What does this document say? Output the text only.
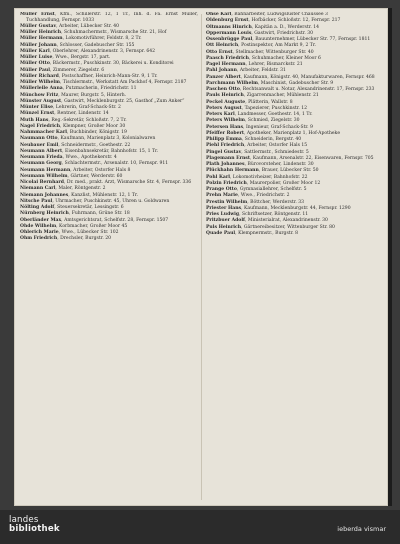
Müller Ernst, Kfm., Schillerstr. 12, 1 Tr., Inh. d. Fa. Ernst Müller, Tuchhandlung, Fernspr. 1033
Müller Gustav, Arbeiter, Lübecker Str. 40
Müller Heinrich, Schuhmachermstr., Wismarsche Str. 21, Hof
Müller Hermann, Lokomotivführer, Feldstr. 8, 2 Tr.
Müller Johann, Schlosser, Gadebuscher Str. 155
Müller Karl, Oberlehrer, Alexandrinenstr. 3, Fernspr. 642
Müller Luise, Wwe., Bergstr. 17, part.
Müller Otto, Bäckermstr., Puschkinstr. 30, Bäckerei u. Konditorei
Müller Paul, Zimmerer, Ziegelstr. 6
Müller Richard, Postschaffner, Heinrich-Mann-Str. 9, 1 Tr.
Müller Wilhelm, Tischlermstr., Werkstatt Am Packhof 4, Fernspr. 2187
Müllerleile Anna, Putzmacherin, Friedrichstr. 11
Münchow Fritz, Maurer, Burgstr. 5, Hinterh.
Münster August, Gastwirt, Mecklenburgstr. 25, Gasthof „Zum Anker“
Münter Elise, Lehrerin, Graf-Schack-Str. 2
Münzel Ernst, Rentner, Lindenstr. 14
Muth Hans, Reg.-Sekretär, Schloßstr. 7, 2 Tr.
Nagel Friedrich, Klempner, Großer Moor 30
Nahmmacher Karl, Buchbinder, Königstr. 19
Naumann Otto, Kaufmann, Marienplatz 3, Kolonialwaren
Neubauer Emil, Schneidermstr., Goethestr. 22
Neumann Albert, Eisenbahnsekretär, Bahnhofstr. 15, 1 Tr.
Neumann Frieda, Wwe., Apothekerstr. 4
Neumann Georg, Schlachtermstr., Arsenalstr. 10, Fernspr. 911
Neumann Hermann, Arbeiter, Ostorfer Hals 8
Neumann Wilhelm, Gärtner, Werderstr. 60
Nicolai Bernhard, Dr. med., prakt. Arzt, Wismarsche Str. 4, Fernspr. 336
Niemann Carl, Maler, Röntgenstr. 2
Niemann Johannes, Kanzlist, Mühlenstr. 12, 1 Tr.
Nitsche Paul, Uhrmacher, Puschkinstr. 45, Uhren u. Goldwaren
Nölting Adolf, Steuersekretär, Lessingstr. 6
Nürnberg Heinrich, Fuhrmann, Grüne Str. 18
Oberländer Max, Amtsgerichtsrat, Schelfstr. 28, Fernspr. 1507
Ohde Wilhelm, Korbmacher, Großer Moor 45
Ohlerich Marie, Wwe., Lübecker Str. 102
Ohm Friedrich, Drechsler, Burgstr. 20
Ohse Karl, Bahnarbeiter, Ludwigsluster Chaussee 3
Oldenburg Ernst, Hofbäcker, Schloßstr. 12, Fernspr. 217
Oltmanns Hinrich, Kapitän a. D., Werderstr. 14
Oppermann Louis, Gastwirt, Friedrichstr. 30
Ossenbrügge Paul, Bauunternehmer, Lübecker Str. 77, Fernspr. 1811
Ott Heinrich, Postinspektor, Am Markt 9, 2 Tr.
Otto Ernst, Stellmacher, Wittenburger Str. 40
Paasch Friedrich, Schuhmacher, Kleiner Moor 6
Pagel Hermann, Lehrer, Bismarckstr. 21
Pahl Johann, Arbeiter, Feldstr. 31
Panzer Albert, Kaufmann, Königstr. 40, Manufakturwaren, Fernspr. 468
Parchmann Wilhelm, Maschinist, Gadebuscher Str. 9
Paschen Otto, Rechtsanwalt u. Notar, Alexandrinenstr. 17, Fernspr. 233
Pauls Heinrich, Zigarrenmacher, Mühlenstr. 21
Peckel Auguste, Plätterin, Wallstr. 8
Peters August, Tapezierer, Puschkinstr. 12
Peters Karl, Landmesser, Goethestr. 14, 1 Tr.
Peters Wilhelm, Schmied, Ziegelstr. 30
Petersen Hans, Ingenieur, Graf-Schack-Str. 9
Pfeiffer Robert, Apotheker, Marienplatz 1, Hof-Apotheke
Philipp Emma, Schneiderin, Bergstr. 40
Piehl Friedrich, Arbeiter, Ostorfer Hals 15
Pingel Gustav, Sattlermstr., Schmiedestr. 5
Plagemann Ernst, Kaufmann, Arsenalstr. 22, Eisenwaren, Fernspr. 705
Plath Johannes, Bürovorsteher, Lindenstr. 30
Plückhahn Hermann, Brauer, Lübecker Str. 50
Pohl Karl, Lokomotivheizer, Bahnhofstr. 22
Polzin Friedrich, Maurerpolier, Großer Moor 12
Prange Otto, Gymnasiallehrer, Schelfstr. 5
Prehn Marie, Wwe., Friedrichstr. 2
Prestin Wilhelm, Böttcher, Werderstr. 33
Priester Hans, Kaufmann, Mecklenburgstr. 44, Fernspr. 1290
Pries Ludwig, Schriftsetzer, Röntgenstr. 11
Pritzbuer Adolf, Ministerialrat, Alexandrinenstr. 30
Puls Heinrich, Gärtnereibesitzer, Wittenburger Str. 80
Quade Paul, Klempnermstr., Burgstr. 8
landes
bibliothek	ieberda vismar
